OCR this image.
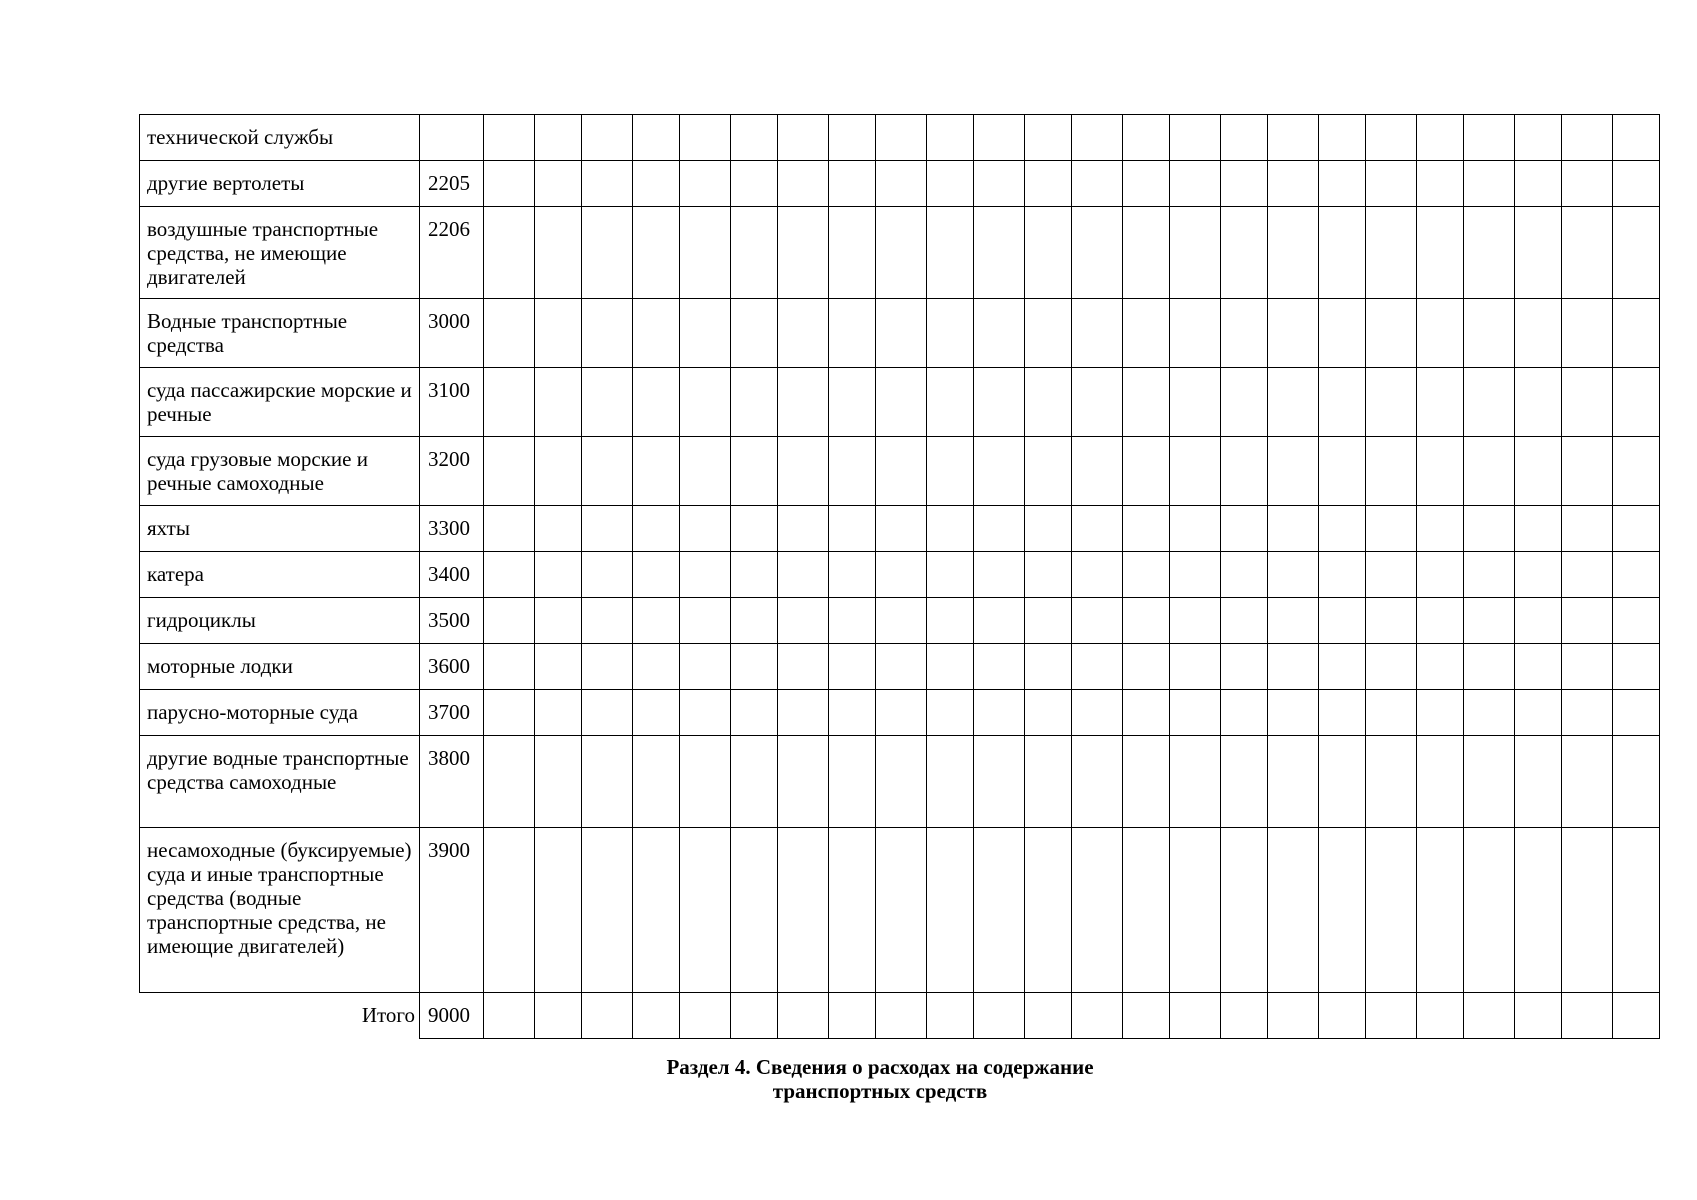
технической службы																									
другие вертолеты	2205																								
воздушные транспортные средства, не имеющие двигателей	2206																								
Водные транспортные средства	3000																								
суда пассажирские морские и речные	3100																								
суда грузовые морские и речные самоходные	3200																								
яхты	3300																								
катера	3400																								
гидроциклы	3500																								
моторные лодки	3600																								
парусно-моторные суда	3700																								
другие водные транспортные средства самоходные	3800																								
несамоходные (буксируемые) суда и иные транспортные средства (водные транспортные средства, не имеющие двигателей)	3900																								
Итого	9000																								
Раздел 4. Сведения о расходах на содержание
транспортных средств
